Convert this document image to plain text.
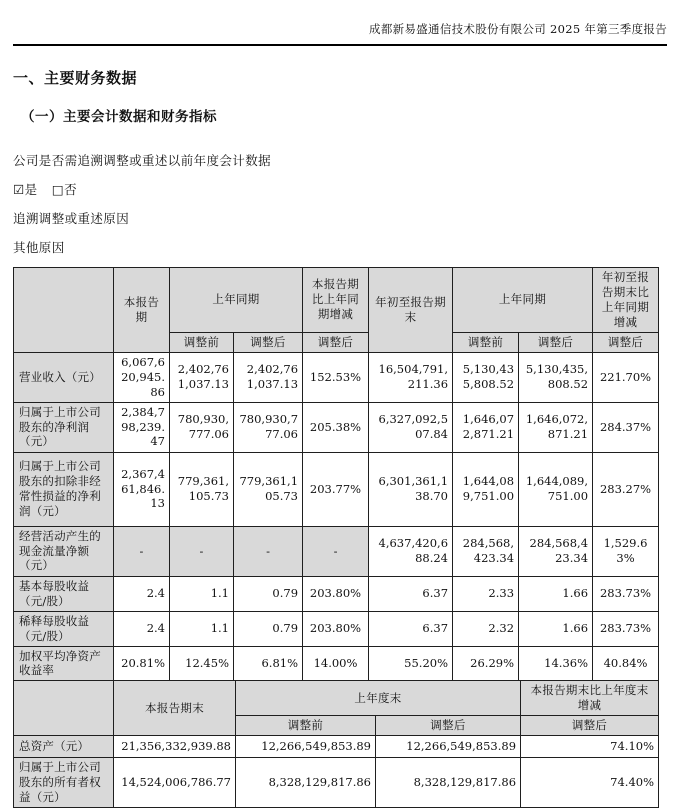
成都新易盛通信技术股份有限公司 2025 年第三季度报告
一、主要财务数据
（一）主要会计数据和财务指标

公司是否需追溯调整或重述以前年度会计数据

☑是 □否

追溯调整或重述原因

其他原因

	本报告期	上年同期		本报告期比上年同期增减	年初至报告期末	上年同期		年初至报告期末比上年同期增减
		调整前	调整后	调整后		调整前	调整后	调整后
营业收入（元）	6,067,620,945.86	2,402,761,037.13	2,402,761,037.13	152.53%	16,504,791,211.36	5,130,435,808.52	5,130,435,808.52	221.70%
归属于上市公司股东的净利润（元）	2,384,798,239.47	780,930,777.06	780,930,777.06	205.38%	6,327,092,507.84	1,646,072,871.21	1,646,072,871.21	284.37%
归属于上市公司股东的扣除非经常性损益的净利润（元）	2,367,461,846.13	779,361,105.73	779,361,105.73	203.77%	6,301,361,138.70	1,644,089,751.00	1,644,089,751.00	283.27%
经营活动产生的现金流量净额（元）	-	-	-	-	4,637,420,688.24	284,568,423.34	284,568,423.34	1,529.63%
基本每股收益（元/股）	2.4	1.1	0.79	203.80%	6.37	2.33	1.66	283.73%
稀释每股收益（元/股）	2.4	1.1	0.79	203.80%	6.37	2.32	1.66	283.73%
加权平均净资产收益率	20.81%	12.45%	6.81%	14.00%	55.20%	26.29%	14.36%	40.84%
	本报告期末	上年度末		本报告期末比上年度末增减
		调整前	调整后	调整后
总资产（元）	21,356,332,939.88	12,266,549,853.89	12,266,549,853.89	74.10%
归属于上市公司股东的所有者权益（元）	14,524,006,786.77	8,328,129,817.86	8,328,129,817.86	74.40%
